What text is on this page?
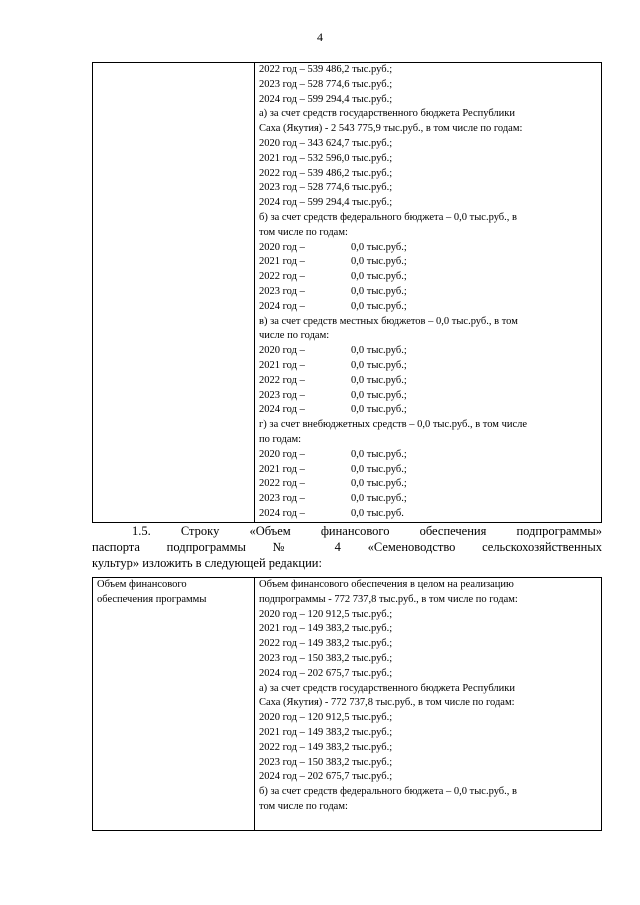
4

2022 год – 539 486,2 тыс.руб.;
2023 год – 528 774,6 тыс.руб.;
2024 год – 599 294,4 тыс.руб.;
а) за счет средств государственного бюджета Республики
Саха (Якутия) - 2 543 775,9 тыс.руб., в том числе по годам:
2020 год – 343 624,7 тыс.руб.;
2021 год – 532 596,0 тыс.руб.;
2022 год – 539 486,2 тыс.руб.;
2023 год – 528 774,6 тыс.руб.;
2024 год – 599 294,4 тыс.руб.;
б) за счет средств федерального бюджета – 0,0 тыс.руб., в
том числе по годам:
2020 год –	0,0 тыс.руб.;
2021 год –	0,0 тыс.руб.;
2022 год –	0,0 тыс.руб.;
2023 год –	0,0 тыс.руб.;
2024 год –	0,0 тыс.руб.;
в) за счет средств местных бюджетов – 0,0 тыс.руб., в том
числе по годам:
2020 год –	0,0 тыс.руб.;
2021 год –	0,0 тыс.руб.;
2022 год –	0,0 тыс.руб.;
2023 год –	0,0 тыс.руб.;
2024 год –	0,0 тыс.руб.;
г) за счет внебюджетных средств – 0,0 тыс.руб., в том числе
по годам:
2020 год –	0,0 тыс.руб.;
2021 год –	0,0 тыс.руб.;
2022 год –	0,0 тыс.руб.;
2023 год –	0,0 тыс.руб.;
2024 год –	0,0 тыс.руб.
1.5. Строку «Объем финансового обеспечения подпрограммы»
паспорта подпрограммы № 4 «Семеноводство сельскохозяйственных
культур» изложить в следующей редакции:
Объем финансового
обеспечения программы

Объем финансового обеспечения в целом на реализацию
подпрограммы - 772 737,8 тыс.руб., в том числе по годам:
2020 год – 120 912,5 тыс.руб.;
2021 год – 149 383,2 тыс.руб.;
2022 год – 149 383,2 тыс.руб.;
2023 год – 150 383,2 тыс.руб.;
2024 год – 202 675,7 тыс.руб.;
а) за счет средств государственного бюджета Республики
Саха (Якутия) - 772 737,8 тыс.руб., в том числе по годам:
2020 год – 120 912,5 тыс.руб.;
2021 год – 149 383,2 тыс.руб.;
2022 год – 149 383,2 тыс.руб.;
2023 год – 150 383,2 тыс.руб.;
2024 год – 202 675,7 тыс.руб.;
б) за счет средств федерального бюджета – 0,0 тыс.руб., в
том числе по годам:
